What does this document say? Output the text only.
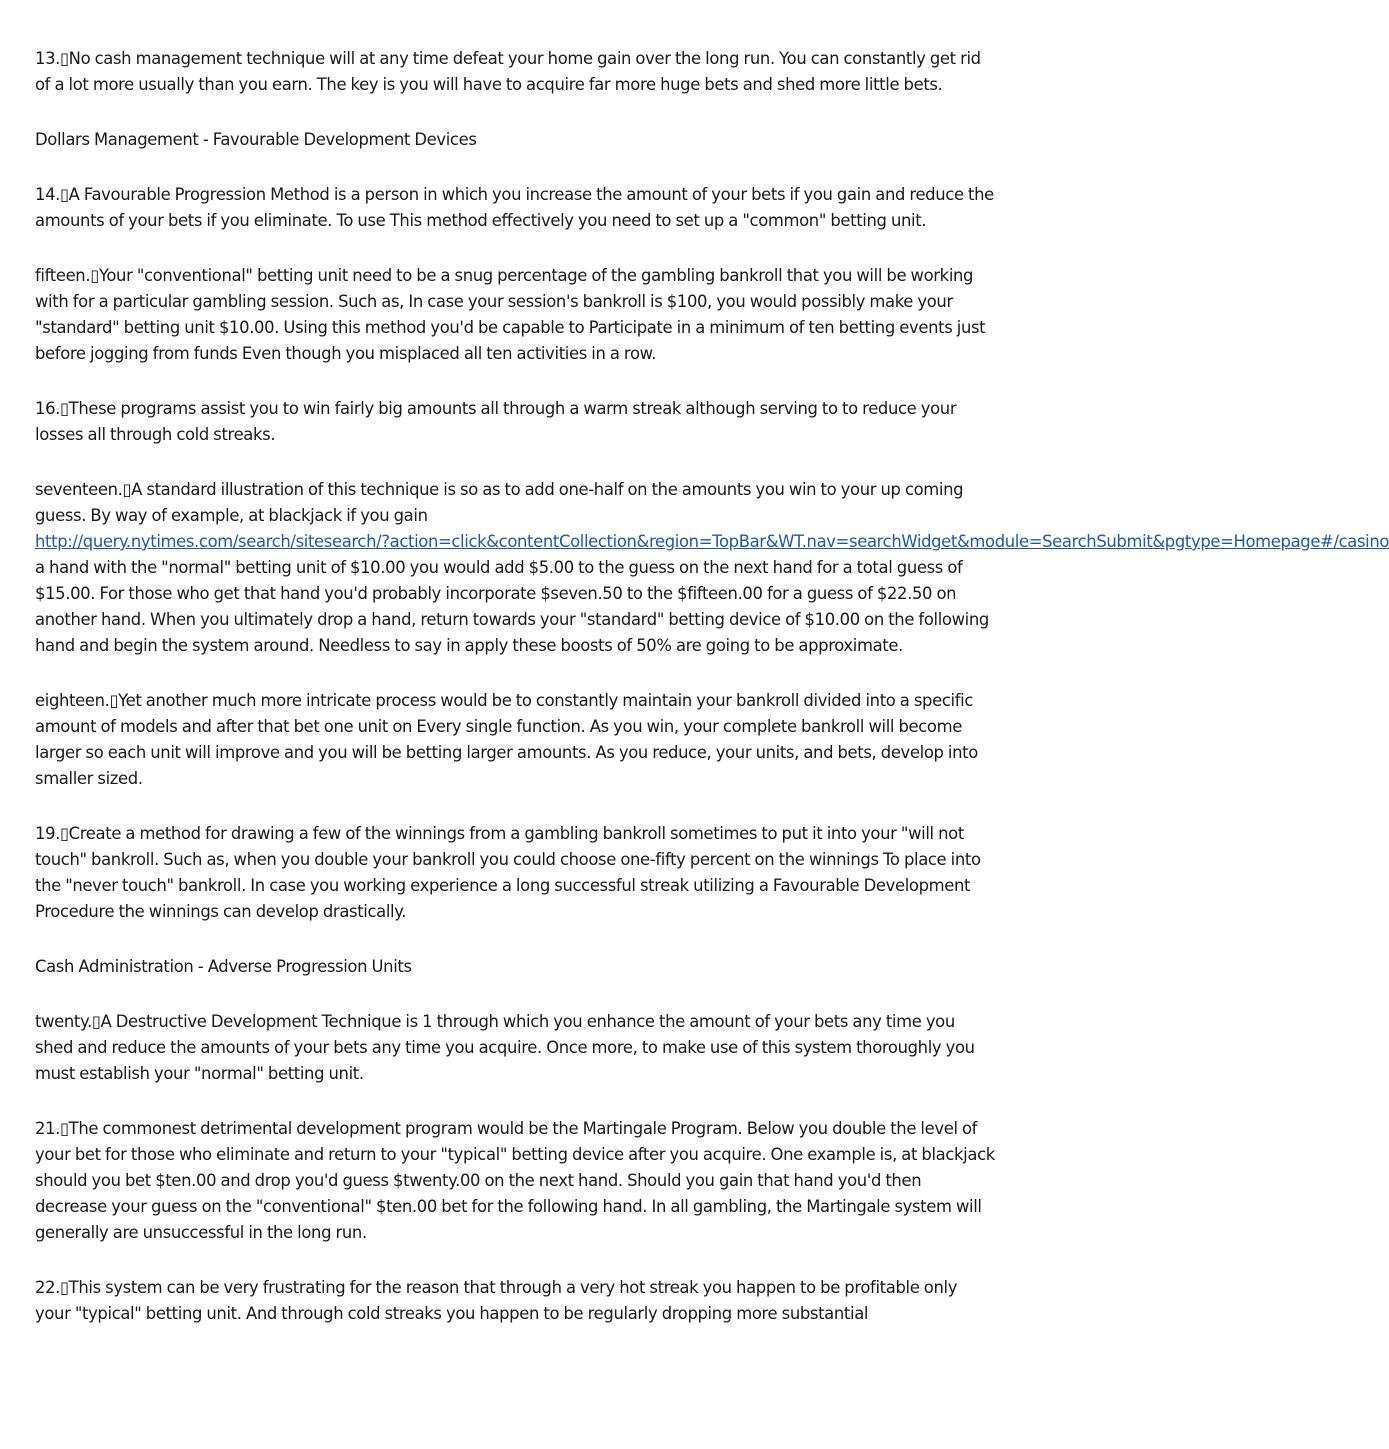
13.▯No cash management technique will at any time defeat your home gain over the long run. You can constantly get rid of a lot more usually than you earn. The key is you will have to acquire far more huge bets and shed more little bets.

Dollars Management - Favourable Development Devices

14.▯A Favourable Progression Method is a person in which you increase the amount of your bets if you gain and reduce the amounts of your bets if you eliminate. To use This method effectively you need to set up a "common" betting unit.

fifteen.▯Your "conventional" betting unit need to be a snug percentage of the gambling bankroll that you will be working with for a particular gambling session. Such as, In case your session's bankroll is $100, you would possibly make your "standard" betting unit $10.00. Using this method you'd be capable to Participate in a minimum of ten betting events just before jogging from funds Even though you misplaced all ten activities in a row.

16.▯These programs assist you to win fairly big amounts all through a warm streak although serving to to reduce your losses all through cold streaks.

seventeen.▯A standard illustration of this technique is so as to add one-half on the amounts you win to your up coming guess. By way of example, at blackjack if you gain
http://query.nytimes.com/search/sitesearch/?action=click&contentCollection&region=TopBar&WT.nav=searchWidget&module=SearchSubmit&pgtype=Homepage#/casino
a hand with the "normal" betting unit of $10.00 you would add $5.00 to the guess on the next hand for a total guess of $15.00. For those who get that hand you'd probably incorporate $seven.50 to the $fifteen.00 for a guess of $22.50 on another hand. When you ultimately drop a hand, return towards your "standard" betting device of $10.00 on the following hand and begin the system around. Needless to say in apply these boosts of 50% are going to be approximate.

eighteen.▯Yet another much more intricate process would be to constantly maintain your bankroll divided into a specific amount of models and after that bet one unit on Every single function. As you win, your complete bankroll will become larger so each unit will improve and you will be betting larger amounts. As you reduce, your units, and bets, develop into smaller sized.

19.▯Create a method for drawing a few of the winnings from a gambling bankroll sometimes to put it into your "will not touch" bankroll. Such as, when you double your bankroll you could choose one-fifty percent on the winnings To place into the "never touch" bankroll. In case you working experience a long successful streak utilizing a Favourable Development Procedure the winnings can develop drastically.

Cash Administration - Adverse Progression Units

twenty.▯A Destructive Development Technique is 1 through which you enhance the amount of your bets any time you shed and reduce the amounts of your bets any time you acquire. Once more, to make use of this system thoroughly you must establish your "normal" betting unit.

21.▯The commonest detrimental development program would be the Martingale Program. Below you double the level of your bet for those who eliminate and return to your "typical" betting device after you acquire. One example is, at blackjack should you bet $ten.00 and drop you'd guess $twenty.00 on the next hand. Should you gain that hand you'd then decrease your guess on the "conventional" $ten.00 bet for the following hand. In all gambling, the Martingale system will generally are unsuccessful in the long run.

22.▯This system can be very frustrating for the reason that through a very hot streak you happen to be profitable only your "typical" betting unit. And through cold streaks you happen to be regularly dropping more substantial
